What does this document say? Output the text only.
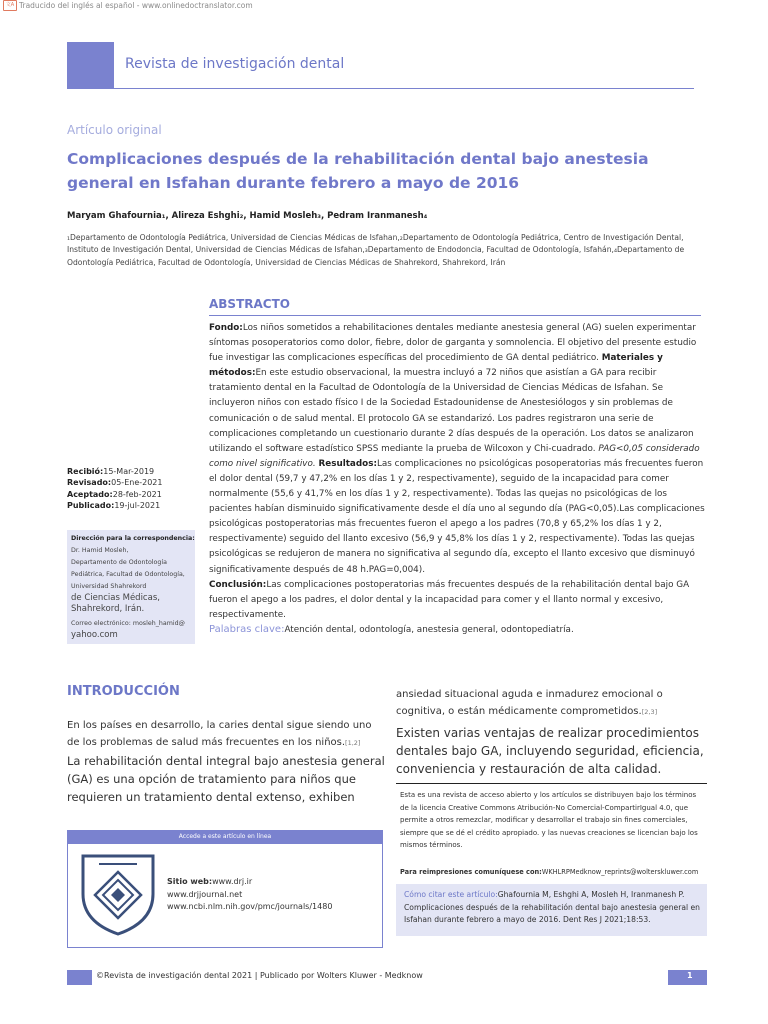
文A Traducido del inglés al español - www.onlinedoctranslator.com
Revista de investigación dental
Artículo original
Complicaciones después de la rehabilitación dental bajo anestesia general en Isfahan durante febrero a mayo de 2016
Maryam Ghafournia₁, Alireza Eshghi₂, Hamid Mosleh₃, Pedram Iranmanesh₄
₁Departamento de Odontología Pediátrica, Universidad de Ciencias Médicas de Isfahan,₂Departamento de Odontología Pediátrica, Centro de Investigación Dental, Instituto de Investigación Dental, Universidad de Ciencias Médicas de Isfahan,₃Departamento de Endodoncia, Facultad de Odontología, Isfahán,₄Departamento de Odontología Pediátrica, Facultad de Odontología, Universidad de Ciencias Médicas de Shahrekord, Shahrekord, Irán
ABSTRACTO
Fondo:Los niños sometidos a rehabilitaciones dentales mediante anestesia general (AG) suelen experimentar síntomas posoperatorios como dolor, fiebre, dolor de garganta y somnolencia. El objetivo del presente estudio fue investigar las complicaciones específicas del procedimiento de GA dental pediátrico. Materiales y métodos:En este estudio observacional, la muestra incluyó a 72 niños que asistían a GA para recibir tratamiento dental en la Facultad de Odontología de la Universidad de Ciencias Médicas de Isfahan. Se incluyeron niños con estado físico I de la Sociedad Estadounidense de Anestesiólogos y sin problemas de comunicación o de salud mental. El protocolo GA se estandarizó. Los padres registraron una serie de complicaciones completando un cuestionario durante 2 días después de la operación. Los datos se analizaron utilizando el software estadístico SPSS mediante la prueba de Wilcoxon y Chi-cuadrado. PAG<0,05 considerado como nivel significativo. Resultados:Las complicaciones no psicológicas posoperatorias más frecuentes fueron el dolor dental (59,7 y 47,2% en los días 1 y 2, respectivamente), seguido de la incapacidad para comer normalmente (55,6 y 41,7% en los días 1 y 2, respectivamente). Todas las quejas no psicológicas de los pacientes habían disminuido significativamente desde el día uno al segundo día (PAG<0,05).Las complicaciones psicológicas postoperatorias más frecuentes fueron el apego a los padres (70,8 y 65,2% los días 1 y 2, respectivamente) seguido del llanto excesivo (56,9 y 45,8% los días 1 y 2, respectivamente). Todas las quejas psicológicas se redujeron de manera no significativa al segundo día, excepto el llanto excesivo que disminuyó significativamente después de 48 h.PAG=0,004).
Conclusión:Las complicaciones postoperatorias más frecuentes después de la rehabilitación dental bajo GA fueron el apego a los padres, el dolor dental y la incapacidad para comer y el llanto normal y excesivo, respectivamente.
Palabras clave:Atención dental, odontología, anestesia general, odontopediatría.
Recibió:15-Mar-2019
Revisado:05-Ene-2021
Aceptado:28-feb-2021
Publicado:19-jul-2021
Dirección para la correspondencia:
Dr. Hamid Mosleh,
Departamento de Odontología
Pediátrica, Facultad de Odontología,
Universidad Shahrekord
de Ciencias Médicas,
Shahrekord, Irán.
Correo electrónico: mosleh_hamid@
yahoo.com
INTRODUCCIÓN
En los países en desarrollo, la caries dental sigue siendo uno de los problemas de salud más frecuentes en los niños.[1,2]
La rehabilitación dental integral bajo anestesia general (GA) es una opción de tratamiento para niños que requieren un tratamiento dental extenso, exhiben
ansiedad situacional aguda e inmadurez emocional o cognitiva, o están médicamente comprometidos.[2,3]
Existen varias ventajas de realizar procedimientos dentales bajo GA, incluyendo seguridad, eficiencia, conveniencia y restauración de alta calidad.
Esta es una revista de acceso abierto y los artículos se distribuyen bajo los términos de la licencia Creative Commons Atribución-No Comercial-CompartirIgual 4.0, que permite a otros remezclar, modificar y desarrollar el trabajo sin fines comerciales, siempre que se dé el crédito apropiado. y las nuevas creaciones se licencian bajo los mismos términos.
Para reimpresiones comuníquese con:WKHLRPMedknow_reprints@wolterskluwer.com
Cómo citar este artículo:Ghafournia M, Eshghi A, Mosleh H, Iranmanesh P. Complicaciones después de la rehabilitación dental bajo anestesia general en Isfahan durante febrero a mayo de 2016. Dent Res J 2021;18:53.
Accede a este artículo en línea
Sitio web:www.drj.ir
www.drjjournal.net
www.ncbi.nlm.nih.gov/pmc/journals/1480
©Revista de investigación dental 2021 | Publicado por Wolters Kluwer - Medknow	1
